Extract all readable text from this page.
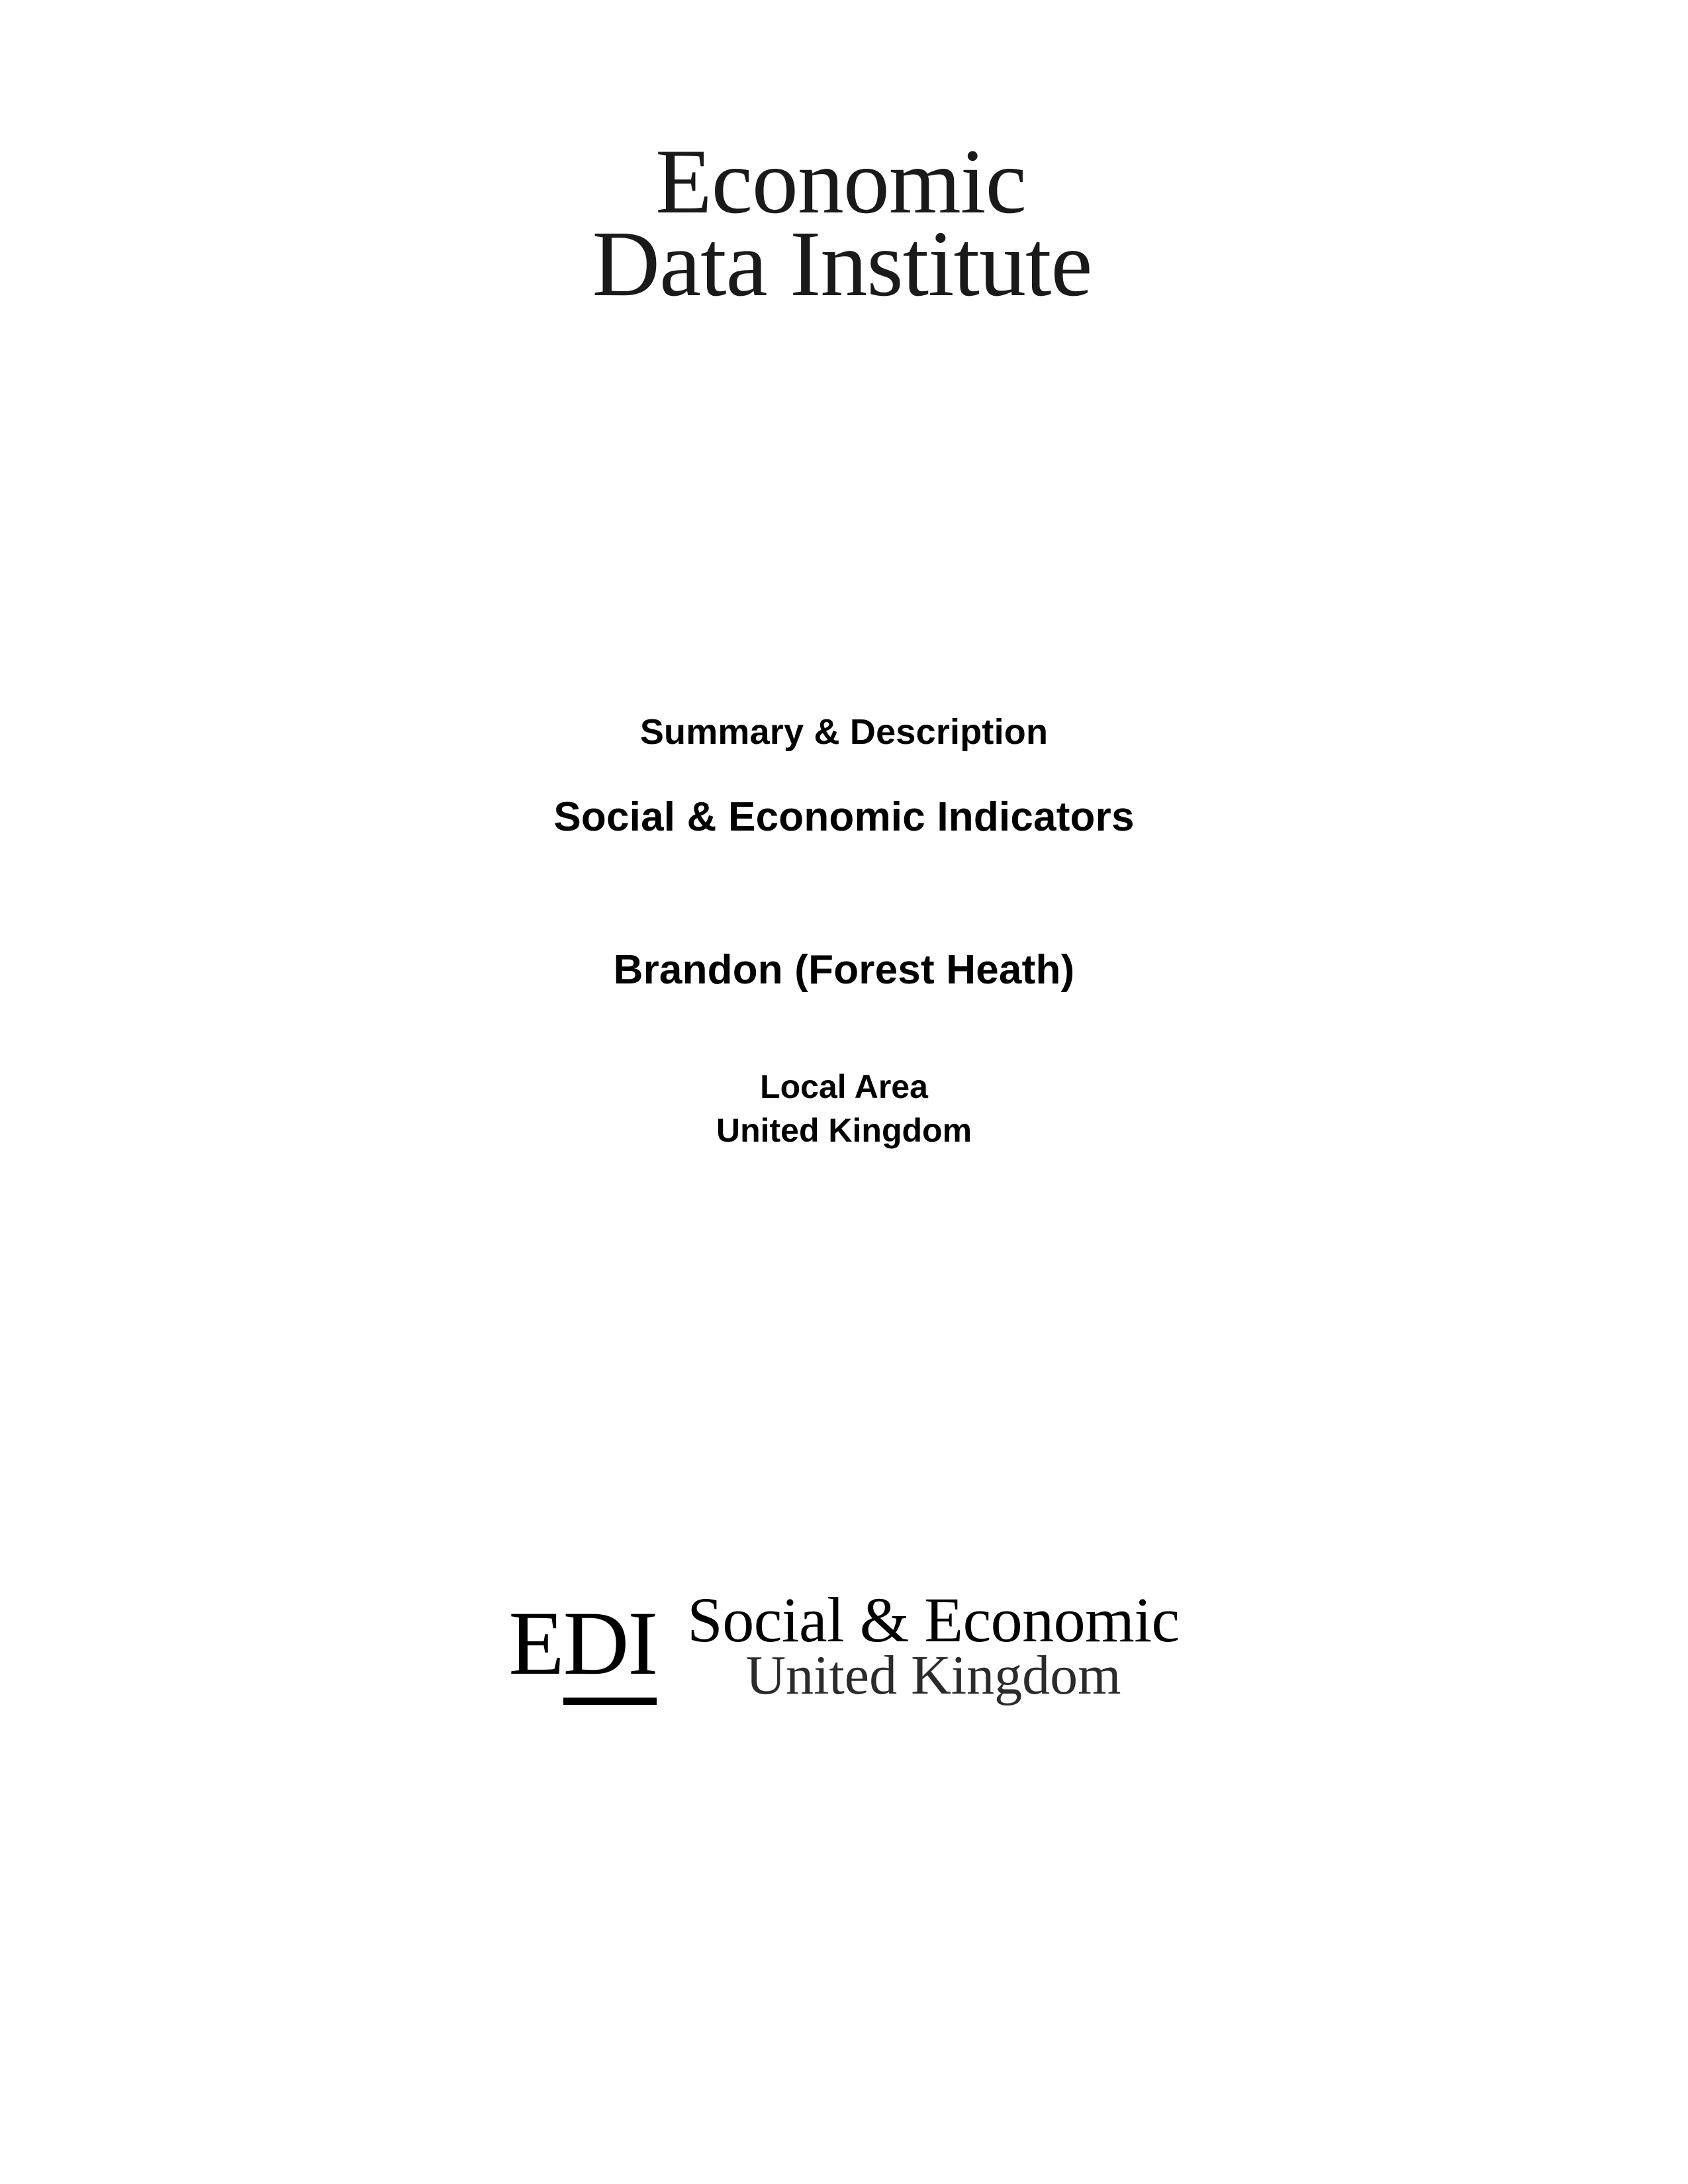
Economic
Data Institute
Summary & Description
Social & Economic Indicators
Brandon (Forest Heath)
Local Area
United Kingdom
EDI Social & Economic
United Kingdom
